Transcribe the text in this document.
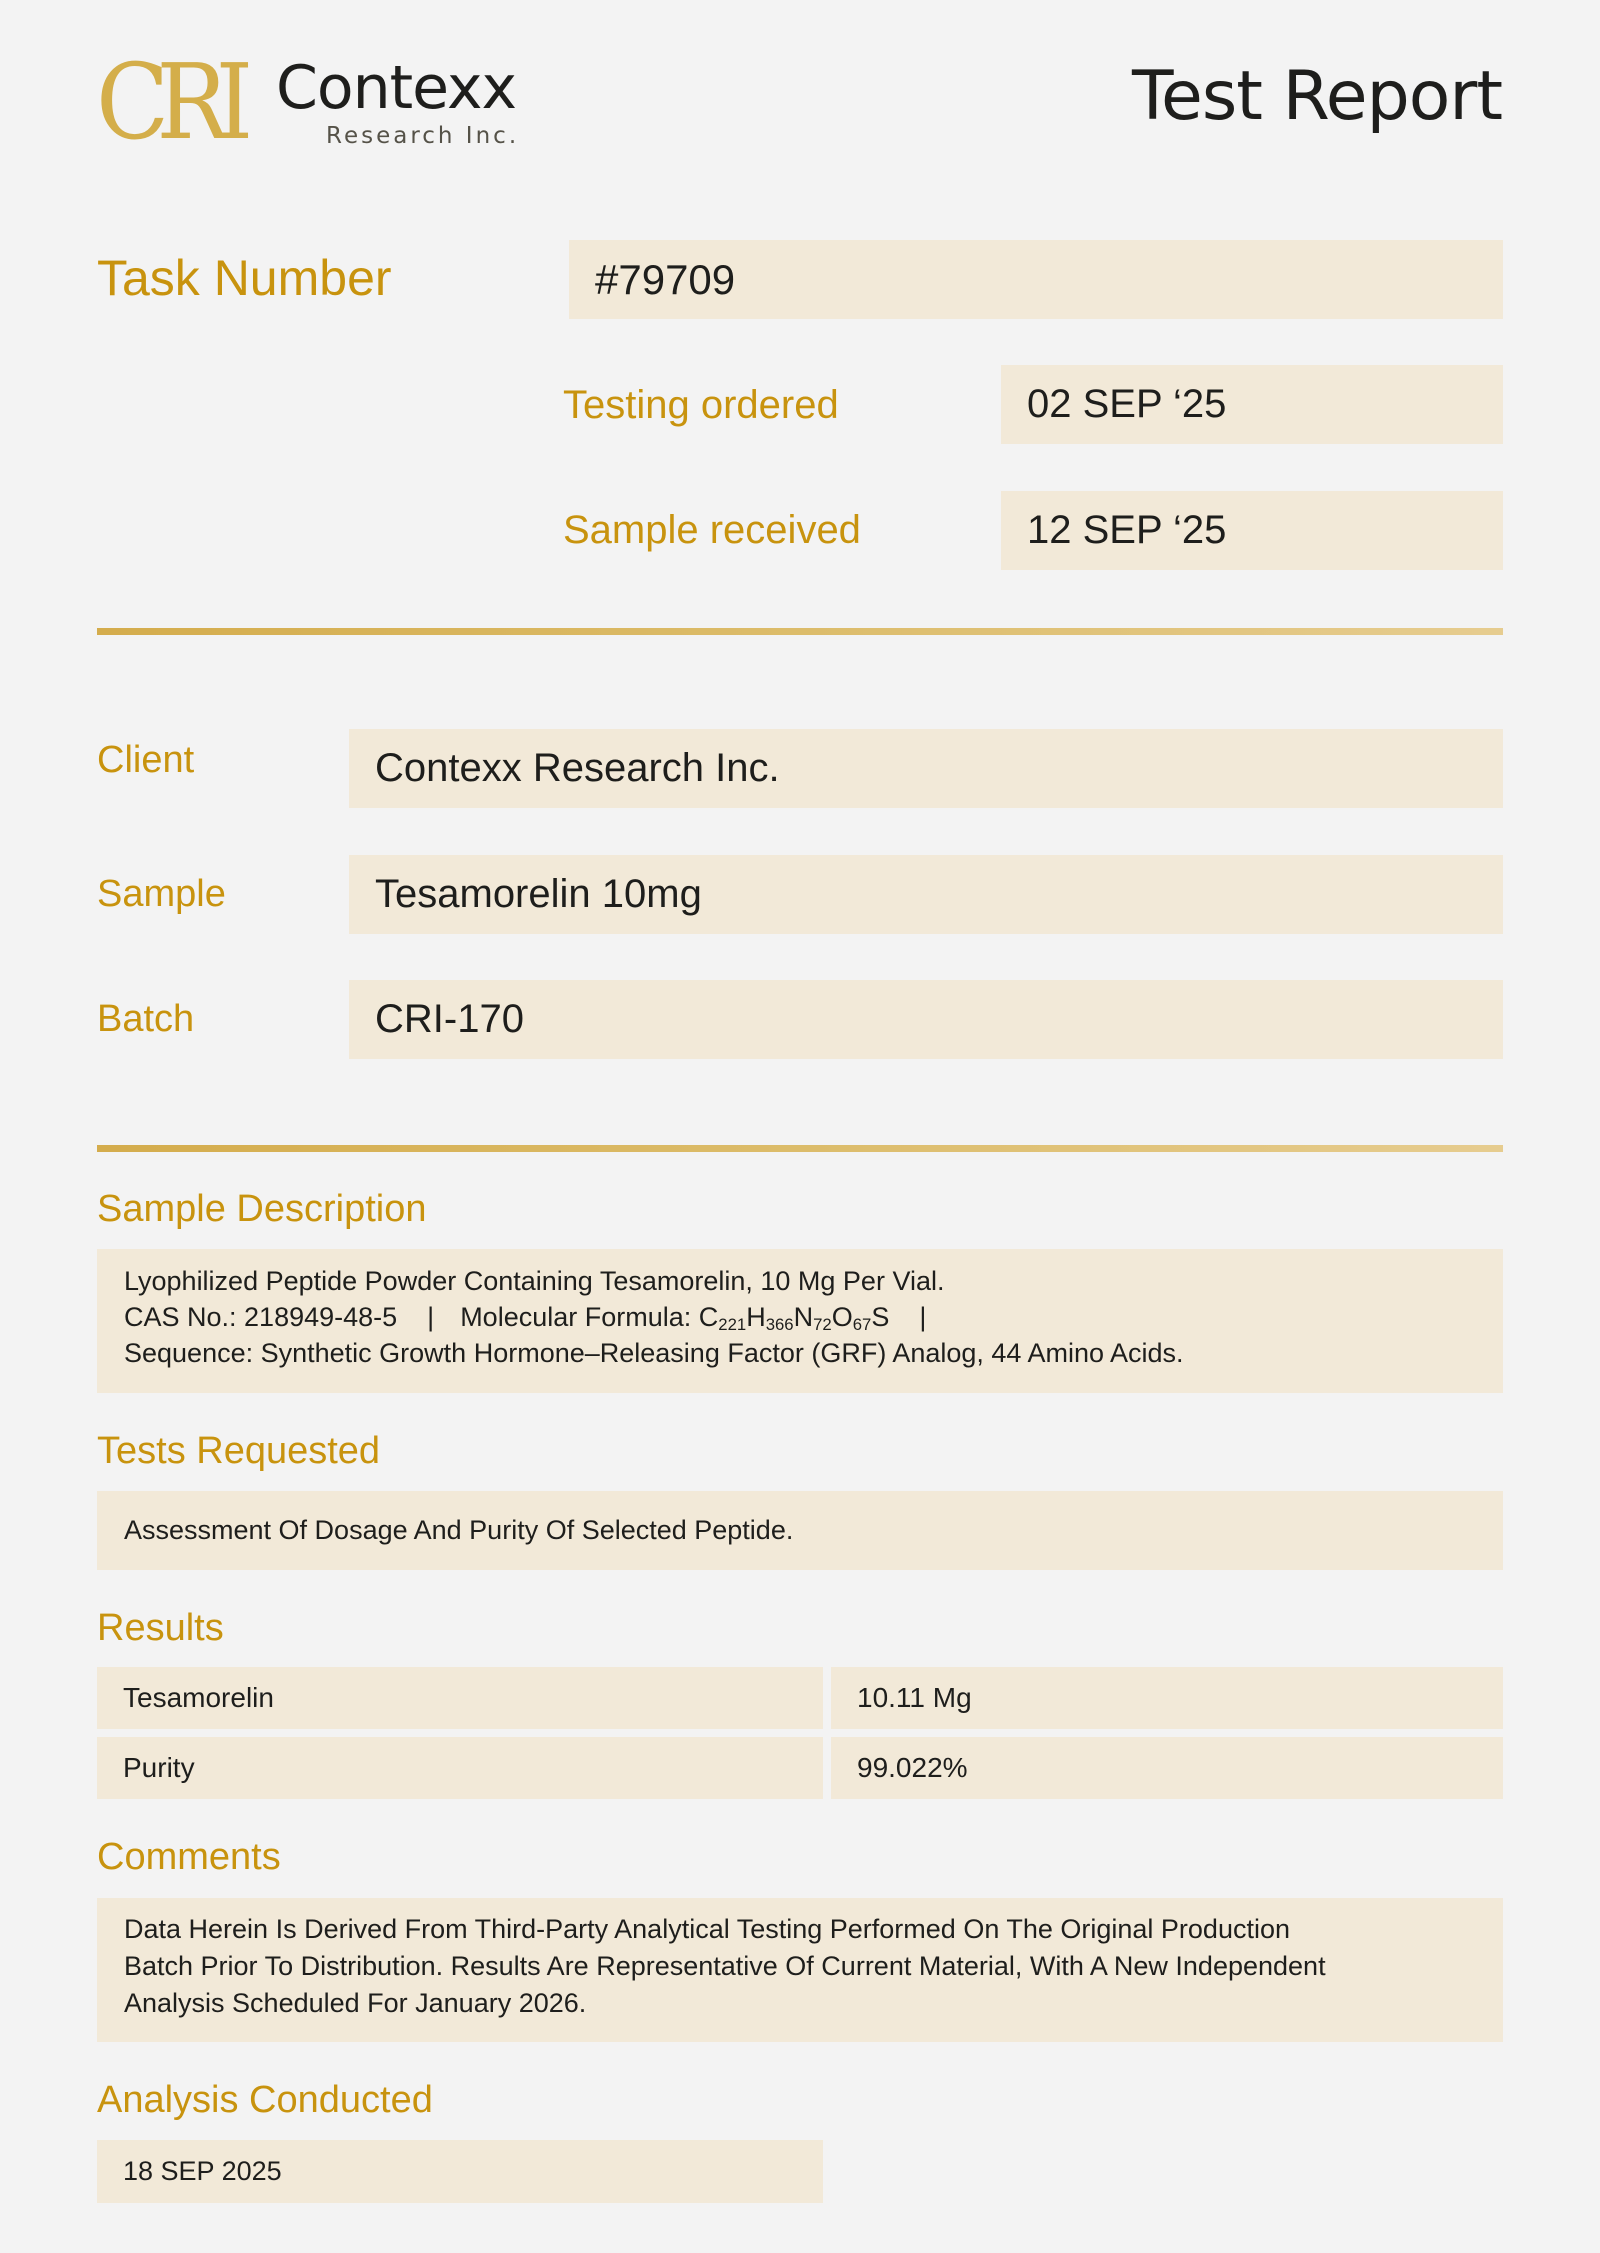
CRI Contexx
Research Inc.	Test Report
Task Number	#79709
Testing ordered	02 SEP ‘25
Sample received	12 SEP ‘25
Client	Contexx Research Inc.
Sample	Tesamorelin 10mg
Batch	CRI-170
Sample Description
Lyophilized Peptide Powder Containing Tesamorelin, 10 Mg Per Vial.
CAS No.: 218949-48-5 | Molecular Formula: $C_{221}H_{366}N_{72}O_{67}S$ |
Sequence: Synthetic Growth Hormone–Releasing Factor (GRF) Analog, 44 Amino Acids.
Tests Requested
Assessment Of Dosage And Purity Of Selected Peptide.
Results
Tesamorelin	10.11 Mg
Purity	99.022%
Comments
Data Herein Is Derived From Third-Party Analytical Testing Performed On The Original Production
Batch Prior To Distribution. Results Are Representative Of Current Material, With A New Independent
Analysis Scheduled For January 2026.
Analysis Conducted
18 SEP 2025
